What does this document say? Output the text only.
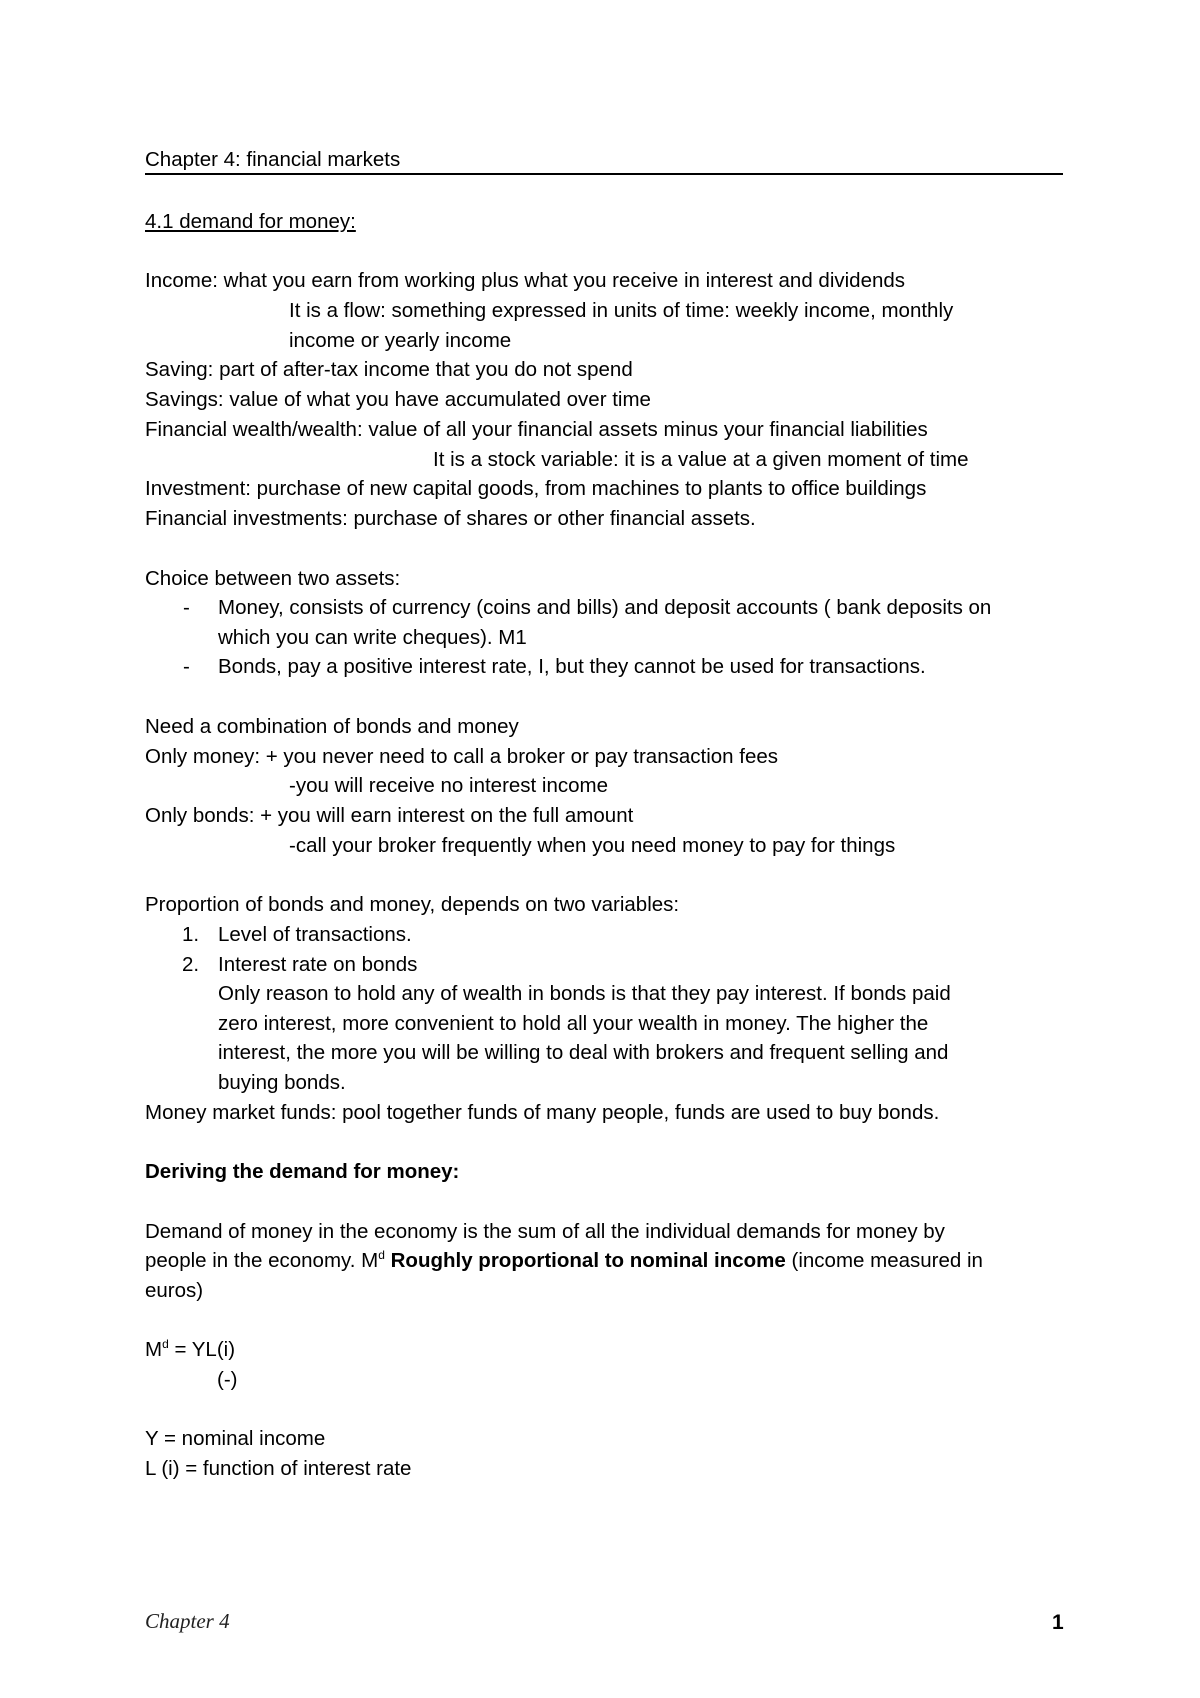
Chapter 4: financial markets
4.1 demand for money:
Income: what you earn from working plus what you receive in interest and dividends
It is a flow: something expressed in units of time: weekly income, monthly
income or yearly income
Saving: part of after-tax income that you do not spend
Savings: value of what you have accumulated over time
Financial wealth/wealth: value of all your financial assets minus your financial liabilities
It is a stock variable: it is a value at a given moment of time
Investment: purchase of new capital goods, from machines to plants to office buildings
Financial investments: purchase of shares or other financial assets.
Choice between two assets:
- Money, consists of currency (coins and bills) and deposit accounts ( bank deposits on
which you can write cheques). M1
- Bonds, pay a positive interest rate, I, but they cannot be used for transactions.
Need a combination of bonds and money
Only money: + you never need to call a broker or pay transaction fees
-you will receive no interest income
Only bonds: + you will earn interest on the full amount
-call your broker frequently when you need money to pay for things
Proportion of bonds and money, depends on two variables:
1. Level of transactions.
2. Interest rate on bonds
Only reason to hold any of wealth in bonds is that they pay interest. If bonds paid
zero interest, more convenient to hold all your wealth in money. The higher the
interest, the more you will be willing to deal with brokers and frequent selling and
buying bonds.
Money market funds: pool together funds of many people, funds are used to buy bonds.
Deriving the demand for money:
Demand of money in the economy is the sum of all the individual demands for money by
people in the economy. $M^d$ Roughly proportional to nominal income (income measured in
euros)
$M^d = YL(i)$
(-)
Y = nominal income
L (i) = function of interest rate
Chapter 4	1
